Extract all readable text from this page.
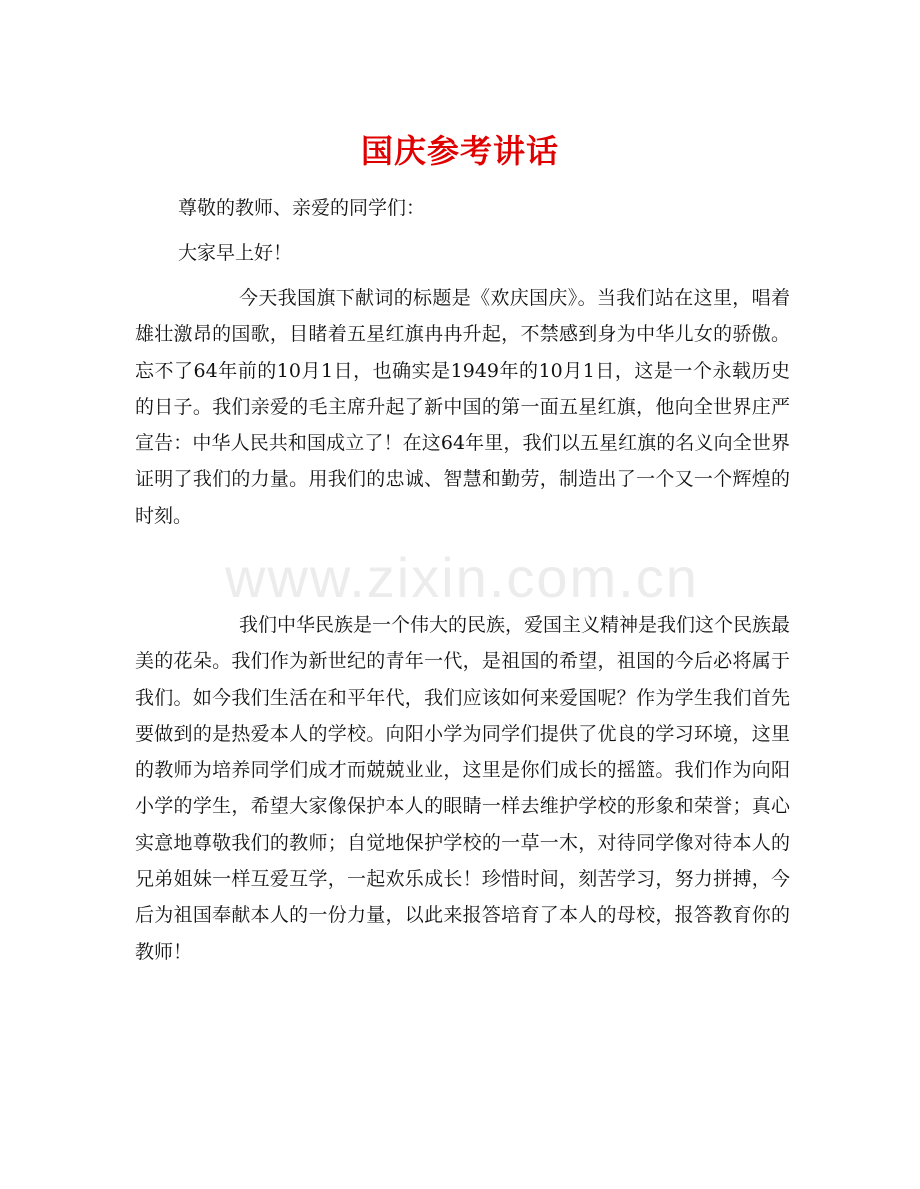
国庆参考讲话
尊敬的教师、亲爱的同学们：
大家早上好！
今天我国旗下献词的标题是《欢庆国庆》。当我们站在这里，唱着雄壮激昂的国歌，目睹着五星红旗冉冉升起，不禁感到身为中华儿女的骄傲。忘不了64年前的10月1日，也确实是1949年的10月1日，这是一个永载历史的日子。我们亲爱的毛主席升起了新中国的第一面五星红旗，他向全世界庄严宣告：中华人民共和国成立了！在这64年里，我们以五星红旗的名义向全世界证明了我们的力量。用我们的忠诚、智慧和勤劳，制造出了一个又一个辉煌的时刻。
我们中华民族是一个伟大的民族，爱国主义精神是我们这个民族最美的花朵。我们作为新世纪的青年一代，是祖国的希望，祖国的今后必将属于我们。如今我们生活在和平年代，我们应该如何来爱国呢？作为学生我们首先要做到的是热爱本人的学校。向阳小学为同学们提供了优良的学习环境，这里的教师为培养同学们成才而兢兢业业，这里是你们成长的摇篮。我们作为向阳小学的学生，希望大家像保护本人的眼睛一样去维护学校的形象和荣誉；真心实意地尊敬我们的教师；自觉地保护学校的一草一木，对待同学像对待本人的兄弟姐妹一样互爱互学，一起欢乐成长！珍惜时间，刻苦学习，努力拼搏，今后为祖国奉献本人的一份力量，以此来报答培育了本人的母校，报答教育你的教师！
www.zixin.com.cn
